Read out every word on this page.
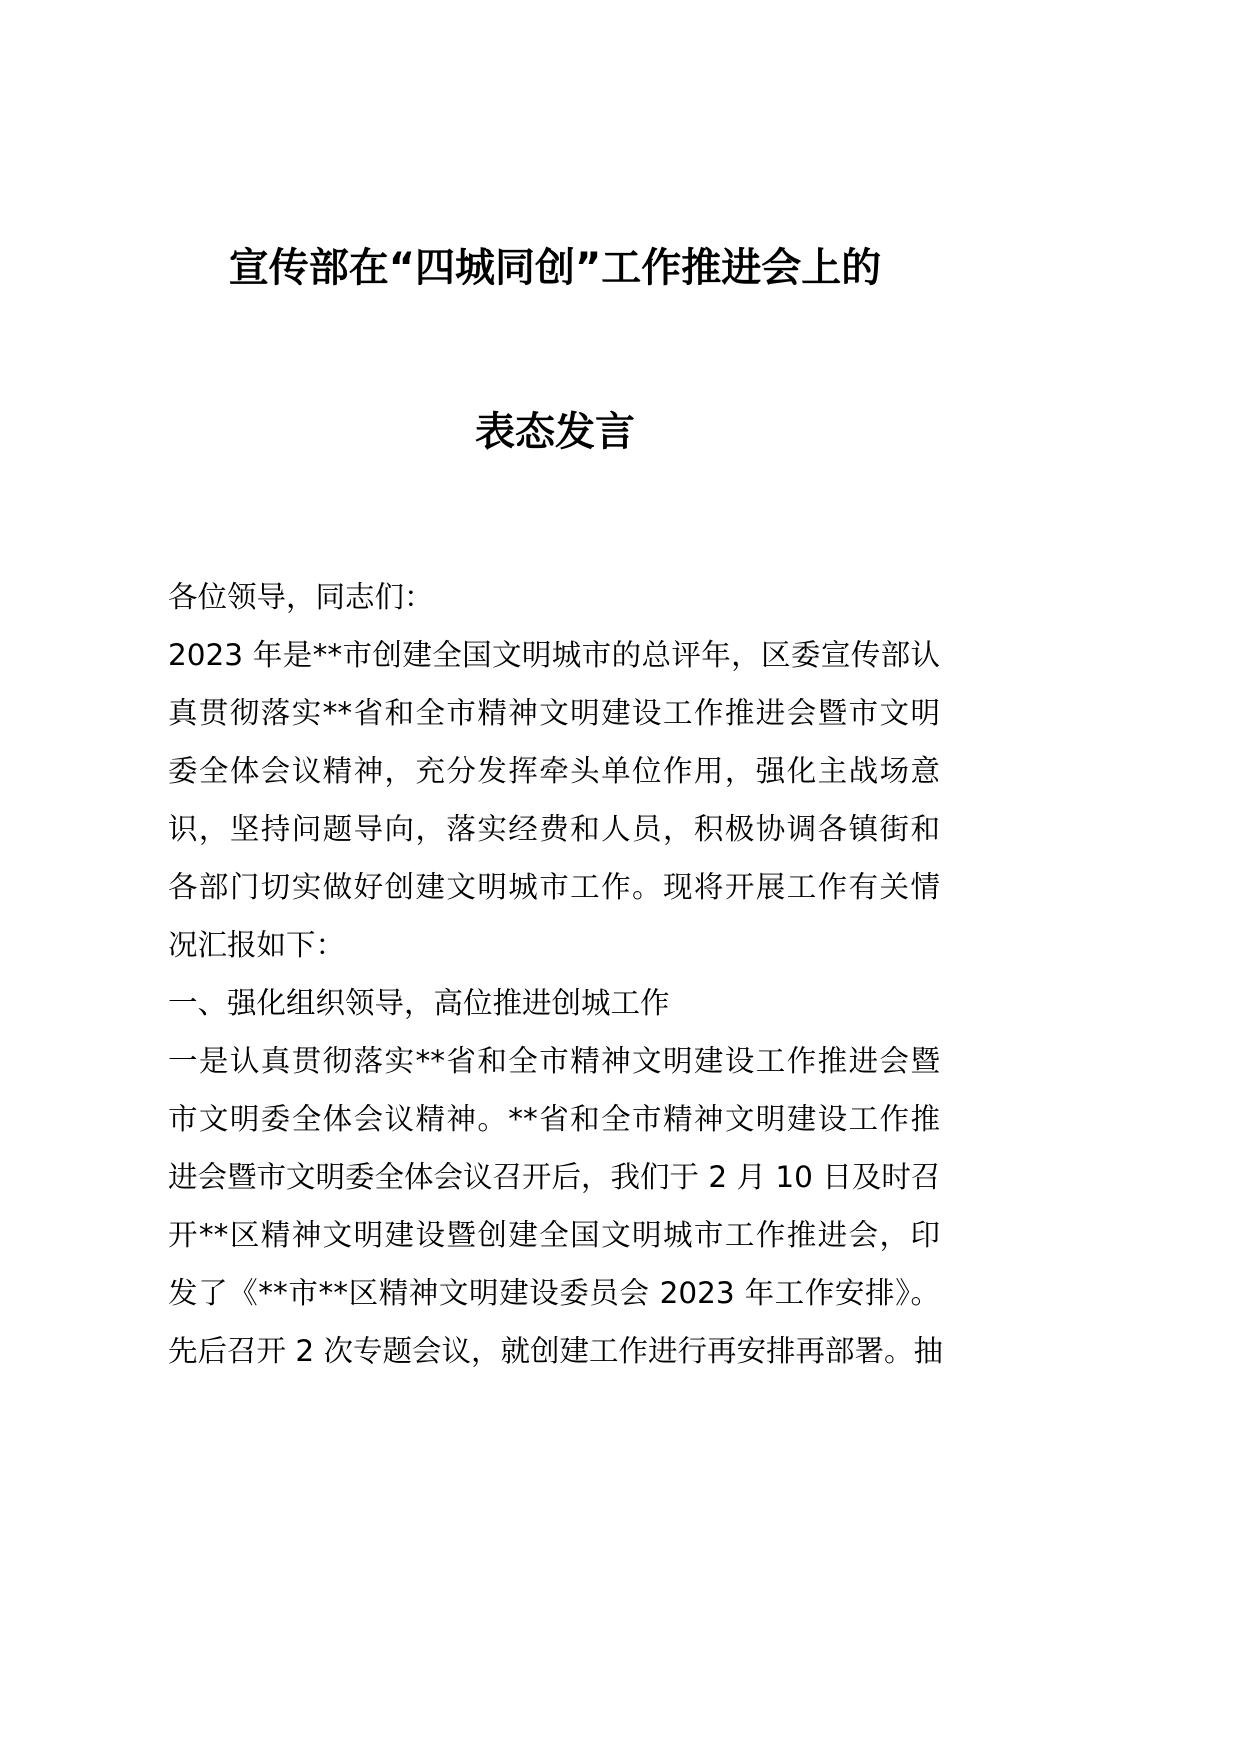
宣传部在“四城同创”工作推进会上的
表态发言
各位领导，同志们：
2023 年是**市创建全国文明城市的总评年，区委宣传部认
真贯彻落实**省和全市精神文明建设工作推进会暨市文明
委全体会议精神，充分发挥牵头单位作用，强化主战场意
识，坚持问题导向，落实经费和人员，积极协调各镇街和
各部门切实做好创建文明城市工作。现将开展工作有关情
况汇报如下：
一、强化组织领导，高位推进创城工作
一是认真贯彻落实**省和全市精神文明建设工作推进会暨
市文明委全体会议精神。**省和全市精神文明建设工作推
进会暨市文明委全体会议召开后，我们于 2 月 10 日及时召
开**区精神文明建设暨创建全国文明城市工作推进会，印
发了《**市**区精神文明建设委员会 2023 年工作安排》。
先后召开 2 次专题会议，就创建工作进行再安排再部署。抽
